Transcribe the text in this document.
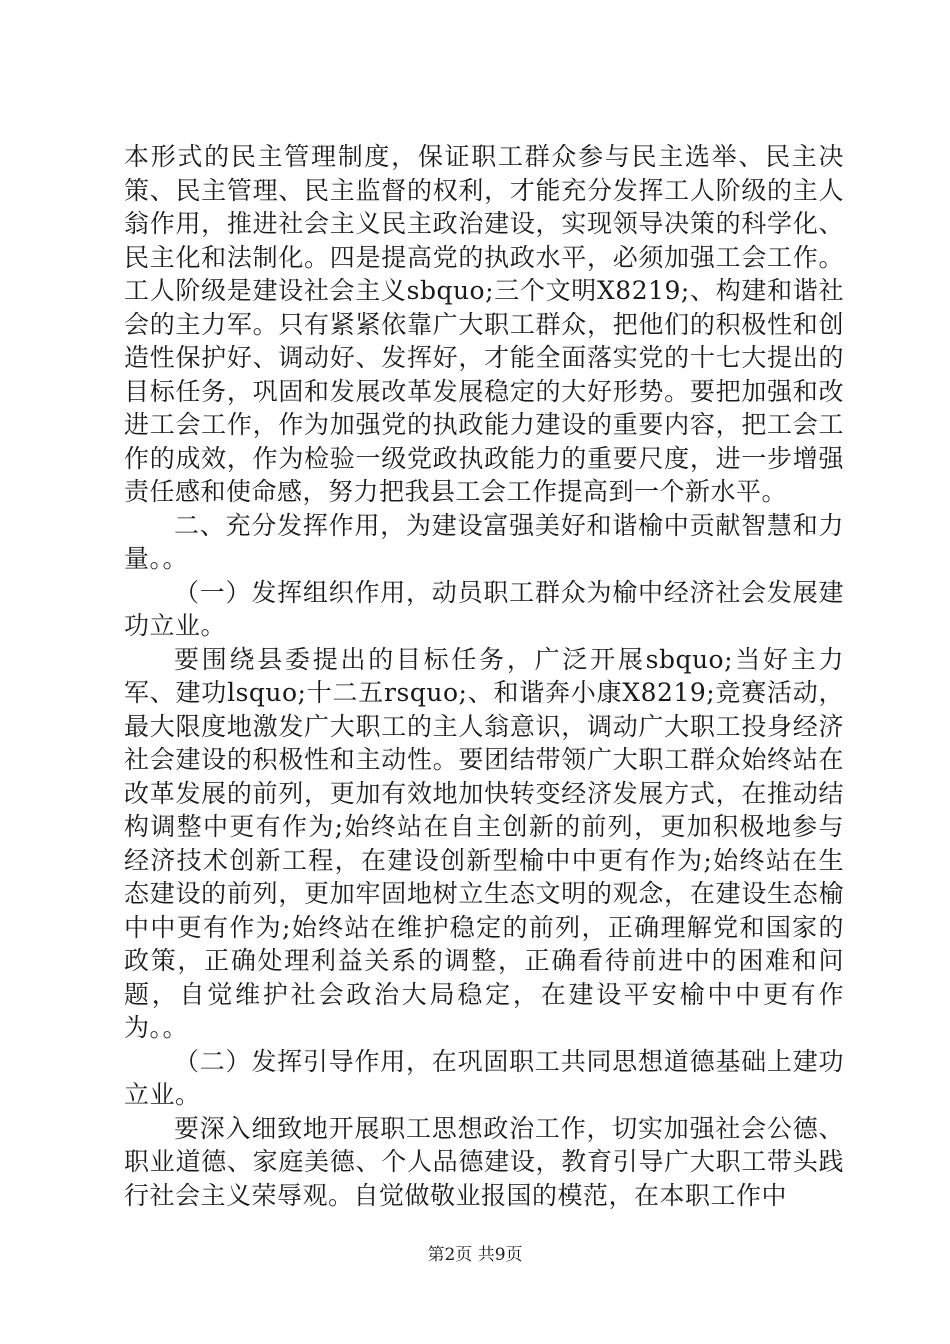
本形式的民主管理制度，保证职工群众参与民主选举、民主决策、民主管理、民主监督的权利，才能充分发挥工人阶级的主人翁作用，推进社会主义民主政治建设，实现领导决策的科学化、民主化和法制化。四是提高党的执政水平，必须加强工会工作。工人阶级是建设社会主义sbquo;三个文明X8219;、构建和谐社会的主力军。只有紧紧依靠广大职工群众，把他们的积极性和创造性保护好、调动好、发挥好，才能全面落实党的十七大提出的目标任务，巩固和发展改革发展稳定的大好形势。要把加强和改进工会工作，作为加强党的执政能力建设的重要内容，把工会工作的成效，作为检验一级党政执政能力的重要尺度，进一步增强责任感和使命感，努力把我县工会工作提高到一个新水平。

二、充分发挥作用，为建设富强美好和谐榆中贡献智慧和力量。。

（一）发挥组织作用，动员职工群众为榆中经济社会发展建功立业。

要围绕县委提出的目标任务，广泛开展sbquo;当好主力军、建功lsquo;十二五rsquo;、和谐奔小康X8219;竞赛活动，最大限度地激发广大职工的主人翁意识，调动广大职工投身经济社会建设的积极性和主动性。要团结带领广大职工群众始终站在改革发展的前列，更加有效地加快转变经济发展方式，在推动结构调整中更有作为;始终站在自主创新的前列，更加积极地参与经济技术创新工程，在建设创新型榆中中更有作为;始终站在生态建设的前列，更加牢固地树立生态文明的观念，在建设生态榆中中更有作为;始终站在维护稳定的前列，正确理解党和国家的政策，正确处理利益关系的调整，正确看待前进中的困难和问题，自觉维护社会政治大局稳定，在建设平安榆中中更有作为。。

（二）发挥引导作用，在巩固职工共同思想道德基础上建功立业。

要深入细致地开展职工思想政治工作，切实加强社会公德、职业道德、家庭美德、个人品德建设，教育引导广大职工带头践行社会主义荣辱观。自觉做敬业报国的模范，在本职工作中

第2页 共9页
